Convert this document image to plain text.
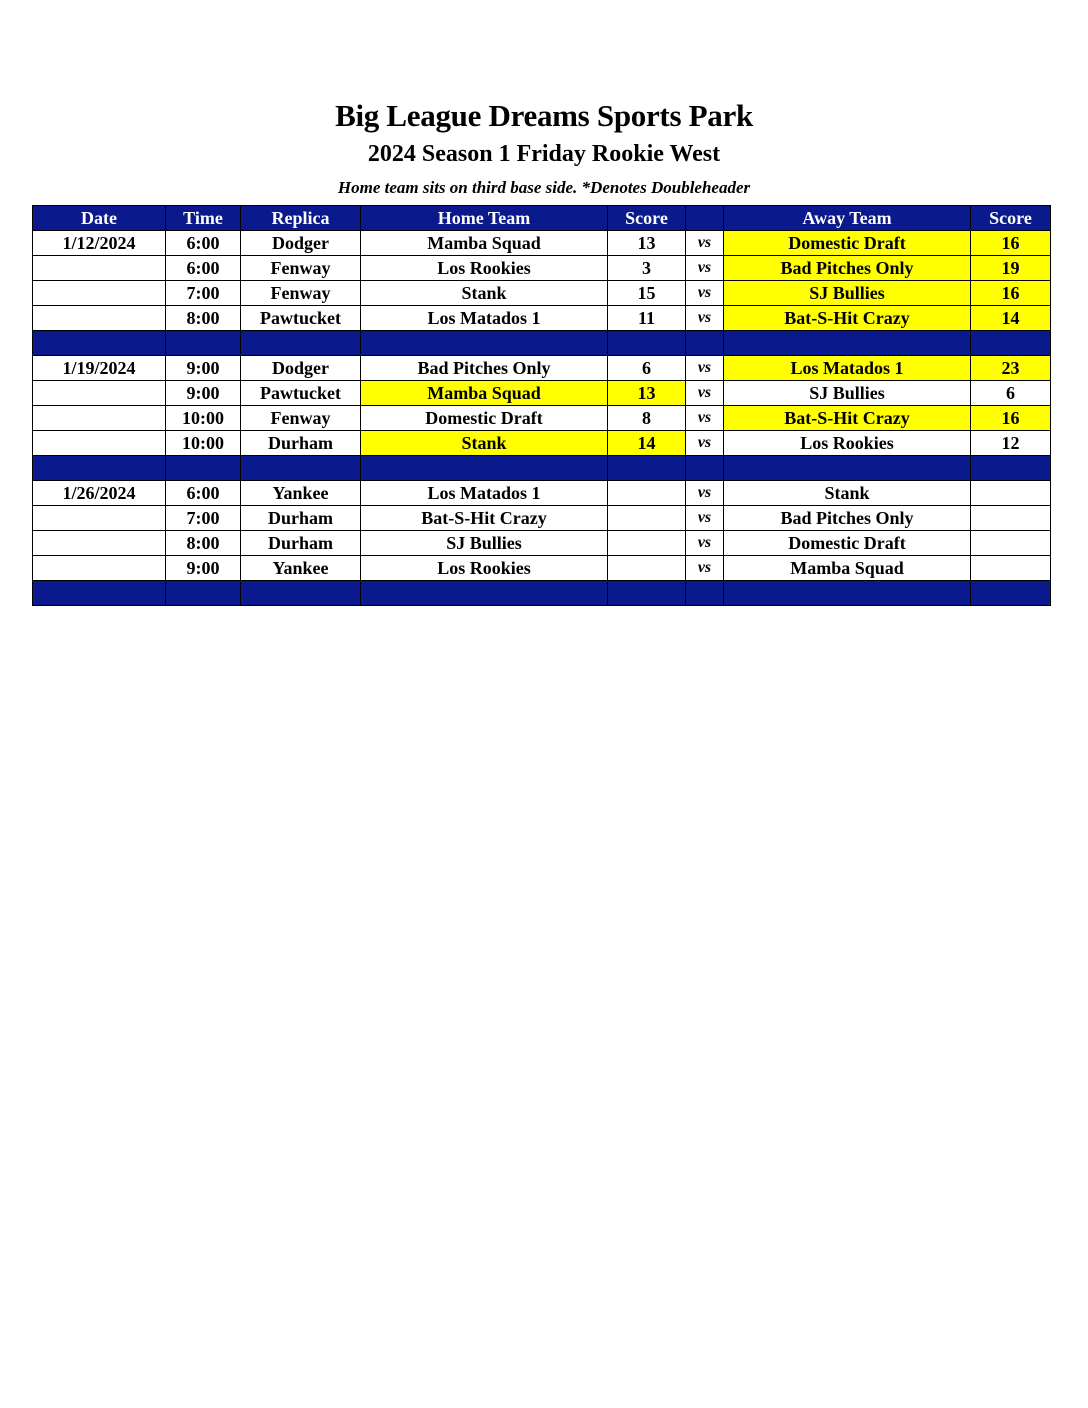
Big League Dreams Sports Park
2024 Season 1 Friday Rookie West
Home team sits on third base side. *Denotes Doubleheader
Date	Time	Replica	Home Team	Score		Away Team	Score
1/12/2024	6:00	Dodger	Mamba Squad	13	vs	Domestic Draft	16
	6:00	Fenway	Los Rookies	3	vs	Bad Pitches Only	19
	7:00	Fenway	Stank	15	vs	SJ Bullies	16
	8:00	Pawtucket	Los Matados 1	11	vs	Bat-S-Hit Crazy	14

1/19/2024	9:00	Dodger	Bad Pitches Only	6	vs	Los Matados 1	23
	9:00	Pawtucket	Mamba Squad	13	vs	SJ Bullies	6
	10:00	Fenway	Domestic Draft	8	vs	Bat-S-Hit Crazy	16
	10:00	Durham	Stank	14	vs	Los Rookies	12

1/26/2024	6:00	Yankee	Los Matados 1		vs	Stank	
	7:00	Durham	Bat-S-Hit Crazy		vs	Bad Pitches Only	
	8:00	Durham	SJ Bullies		vs	Domestic Draft	
	9:00	Yankee	Los Rookies		vs	Mamba Squad	
